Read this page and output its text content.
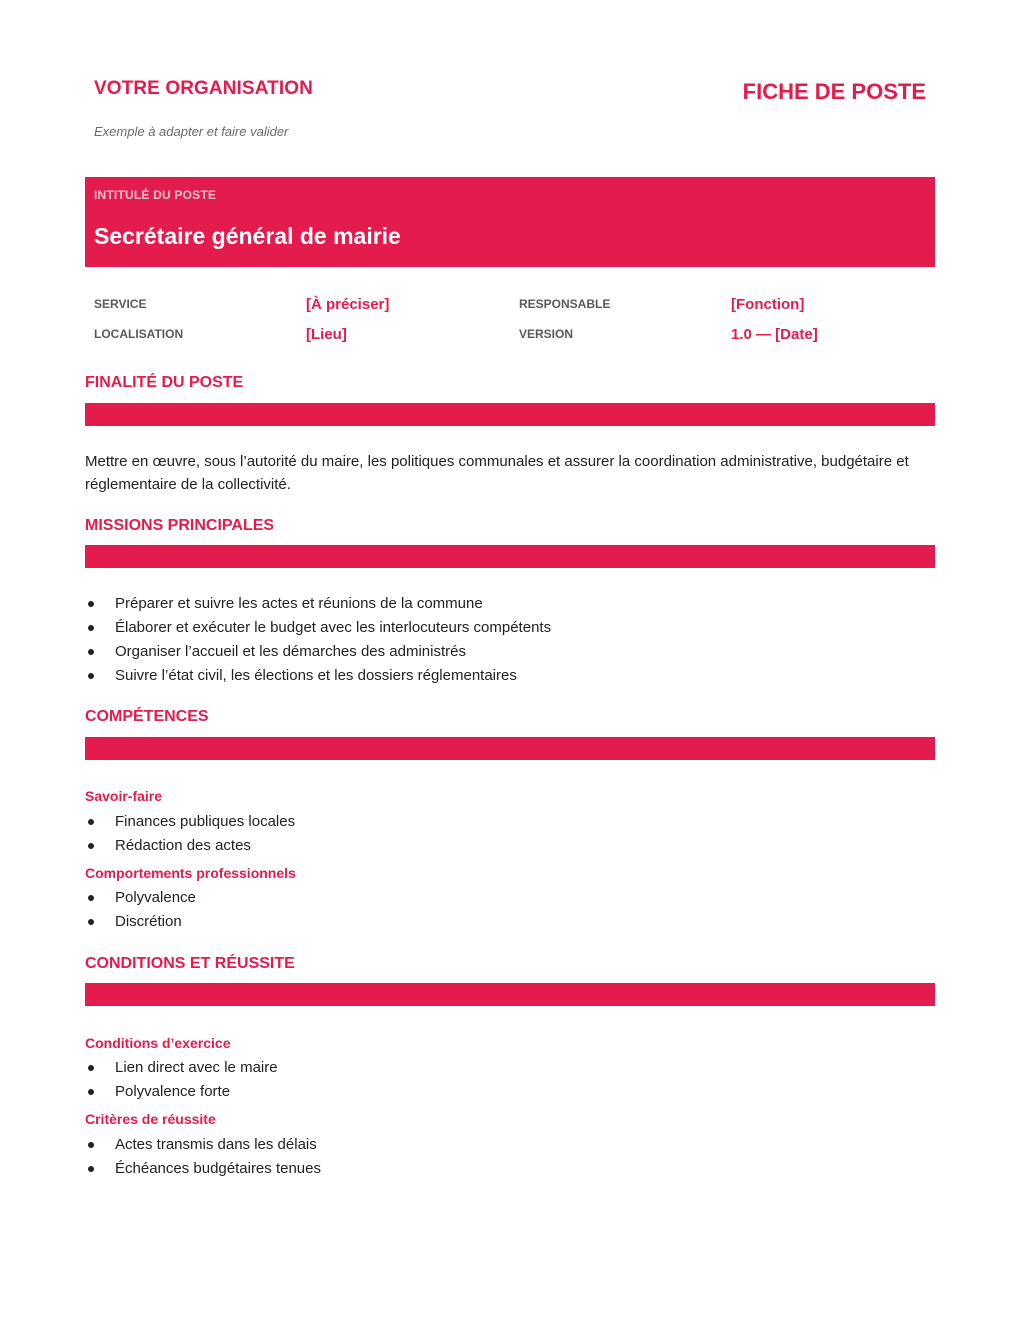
VOTRE ORGANISATION	FICHE DE POSTE
Exemple à adapter et faire valider
INTITULÉ DU POSTE
Secrétaire général de mairie
SERVICE	[À préciser]	RESPONSABLE	[Fonction]
LOCALISATION	[Lieu]	VERSION	1.0 — [Date]
FINALITÉ DU POSTE
Mettre en œuvre, sous l’autorité du maire, les politiques communales et assurer la coordination administrative, budgétaire et réglementaire de la collectivité.
MISSIONS PRINCIPALES
Préparer et suivre les actes et réunions de la commune
Élaborer et exécuter le budget avec les interlocuteurs compétents
Organiser l’accueil et les démarches des administrés
Suivre l’état civil, les élections et les dossiers réglementaires
COMPÉTENCES
Savoir-faire
Finances publiques locales
Rédaction des actes
Comportements professionnels
Polyvalence
Discrétion
CONDITIONS ET RÉUSSITE
Conditions d’exercice
Lien direct avec le maire
Polyvalence forte
Critères de réussite
Actes transmis dans les délais
Échéances budgétaires tenues
